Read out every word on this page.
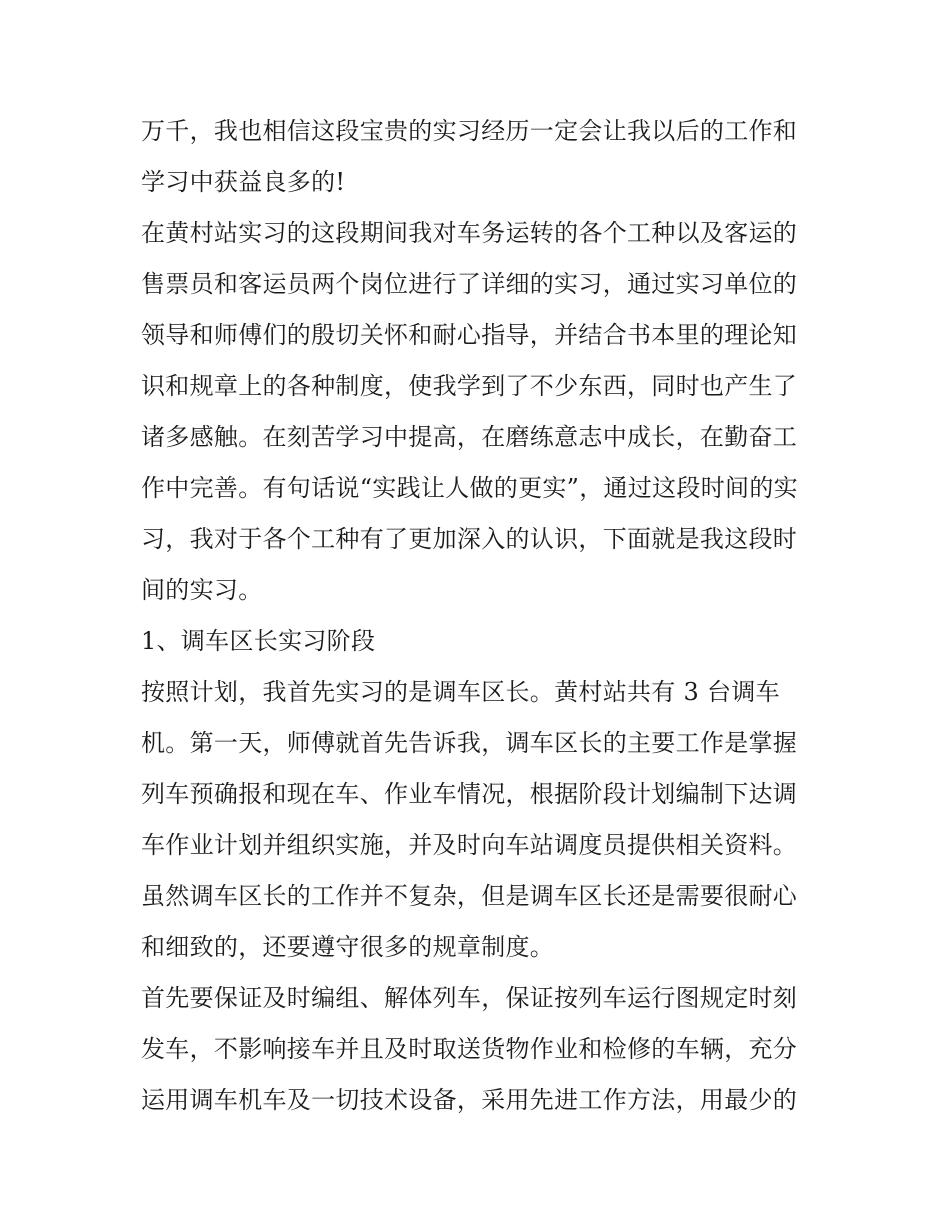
万千，我也相信这段宝贵的实习经历一定会让我以后的工作和
学习中获益良多的!
在黄村站实习的这段期间我对车务运转的各个工种以及客运的
售票员和客运员两个岗位进行了详细的实习，通过实习单位的
领导和师傅们的殷切关怀和耐心指导，并结合书本里的理论知
识和规章上的各种制度，使我学到了不少东西，同时也产生了
诸多感触。在刻苦学习中提高，在磨练意志中成长，在勤奋工
作中完善。有句话说“实践让人做的更实”，通过这段时间的实
习，我对于各个工种有了更加深入的认识，下面就是我这段时
间的实习。
1、调车区长实习阶段
按照计划，我首先实习的是调车区长。黄村站共有 3 台调车
机。第一天，师傅就首先告诉我，调车区长的主要工作是掌握
列车预确报和现在车、作业车情况，根据阶段计划编制下达调
车作业计划并组织实施，并及时向车站调度员提供相关资料。
虽然调车区长的工作并不复杂，但是调车区长还是需要很耐心
和细致的，还要遵守很多的规章制度。
首先要保证及时编组、解体列车，保证按列车运行图规定时刻
发车，不影响接车并且及时取送货物作业和检修的车辆，充分
运用调车机车及一切技术设备，采用先进工作方法，用最少的
